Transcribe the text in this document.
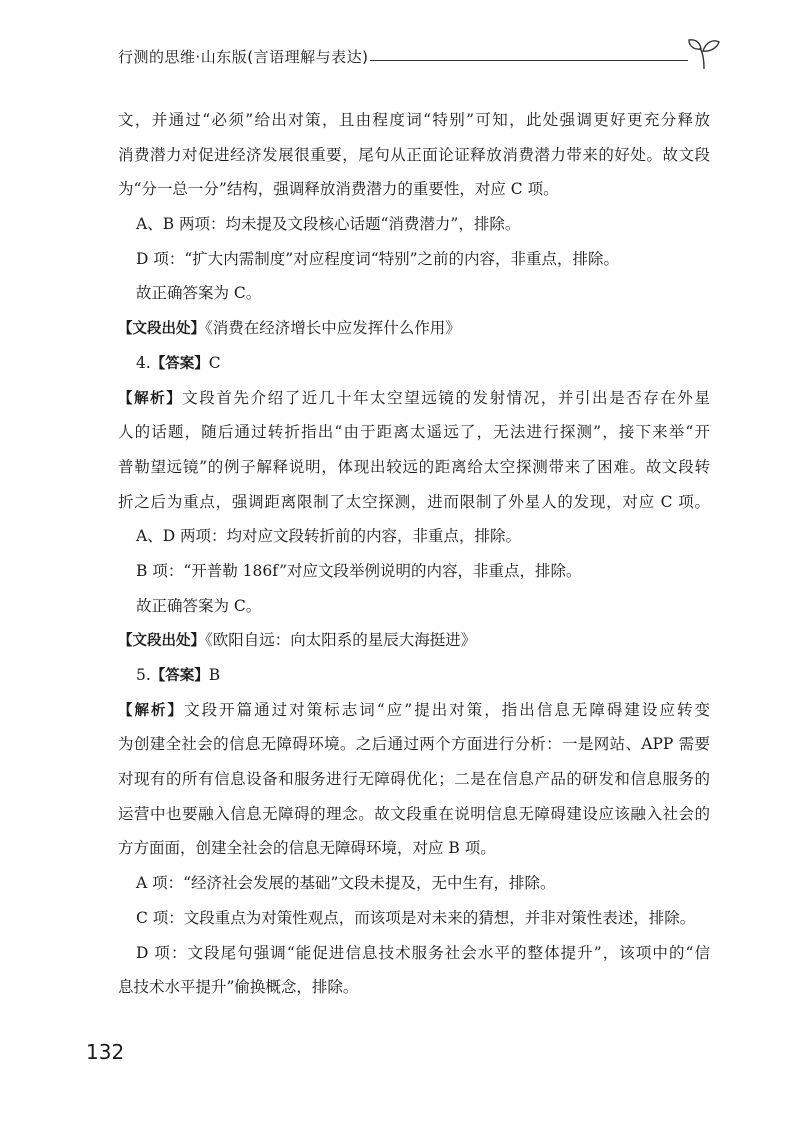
行测的思维·山东版(言语理解与表达)
文，并通过“必须”给出对策，且由程度词“特别”可知，此处强调更好更充分释放
消费潜力对促进经济发展很重要，尾句从正面论证释放消费潜力带来的好处。故文段
为“分一总一分”结构，强调释放消费潜力的重要性，对应 C 项。
A、B 两项：均未提及文段核心话题“消费潜力”，排除。
D 项：“扩大内需制度”对应程度词“特别”之前的内容，非重点，排除。
故正确答案为 C。
【文段出处】《消费在经济增长中应发挥什么作用》
4.【答案】C
【解析】文段首先介绍了近几十年太空望远镜的发射情况，并引出是否存在外星
人的话题，随后通过转折指出“由于距离太遥远了，无法进行探测”，接下来举“开
普勒望远镜”的例子解释说明，体现出较远的距离给太空探测带来了困难。故文段转
折之后为重点，强调距离限制了太空探测，进而限制了外星人的发现，对应 C 项。
A、D 两项：均对应文段转折前的内容，非重点，排除。
B 项：“开普勒 186f”对应文段举例说明的内容，非重点，排除。
故正确答案为 C。
【文段出处】《欧阳自远：向太阳系的星辰大海挺进》
5.【答案】B
【解析】文段开篇通过对策标志词“应”提出对策，指出信息无障碍建设应转变
为创建全社会的信息无障碍环境。之后通过两个方面进行分析：一是网站、APP 需要
对现有的所有信息设备和服务进行无障碍优化；二是在信息产品的研发和信息服务的
运营中也要融入信息无障碍的理念。故文段重在说明信息无障碍建设应该融入社会的
方方面面，创建全社会的信息无障碍环境，对应 B 项。
A 项：“经济社会发展的基础”文段未提及，无中生有，排除。
C 项：文段重点为对策性观点，而该项是对未来的猜想，并非对策性表述，排除。
D 项：文段尾句强调“能促进信息技术服务社会水平的整体提升”，该项中的“信
息技术水平提升”偷换概念，排除。
132
